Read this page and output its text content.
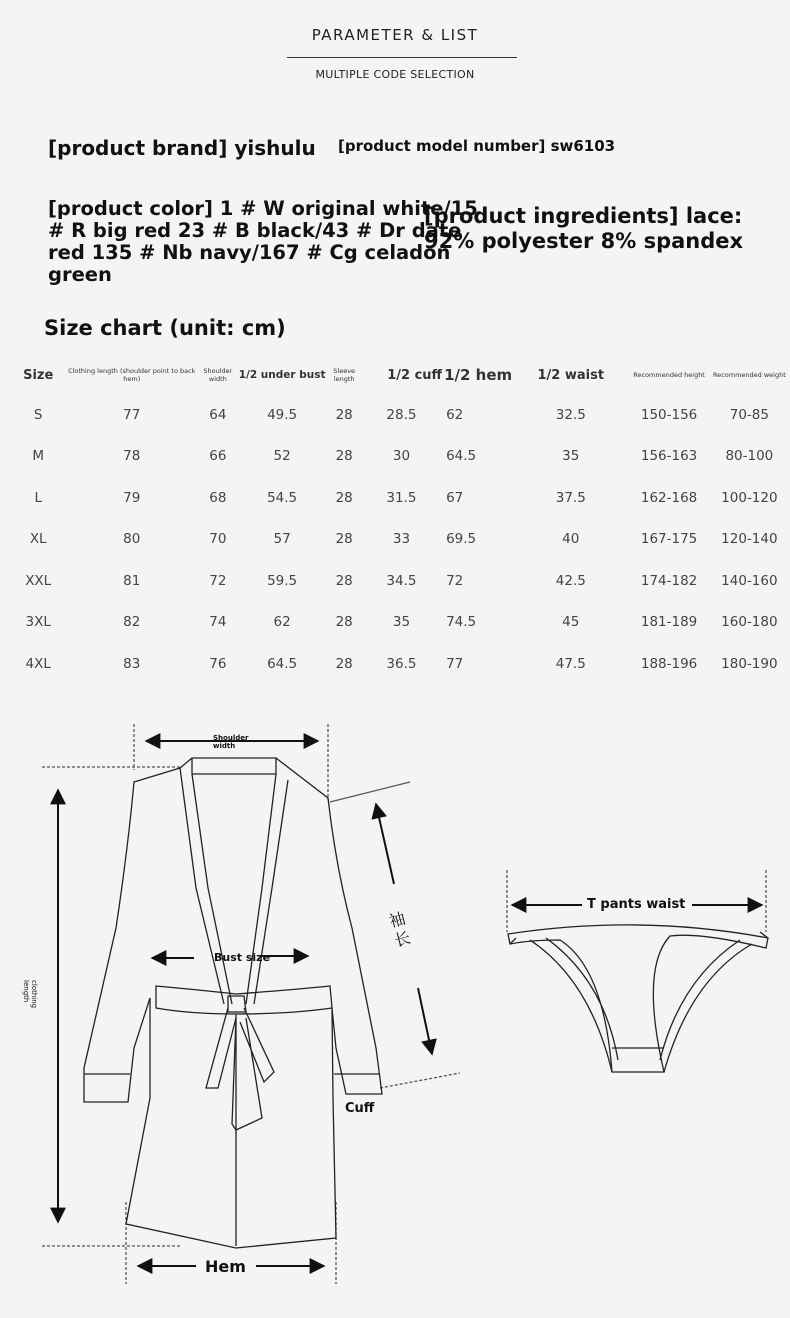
PARAMETER & LIST
MULTIPLE CODE SELECTION
[product brand] yishulu [product model number] sw6103
[product color] 1 # W original white/15
# R big red 23 # B black/43 # Dr date
red 135 # Nb navy/167 # Cg celadon
green
[product ingredients] lace:
92% polyester 8% spandex
Size chart (unit: cm)
Size	Clothing length (shoulder point to back hem)	Shoulder width	1/2 under bust	Sleeve length	1/2 cuff	1/2 hem	1/2 waist	Recommended height	Recommended weight
S	77	64	49.5	28	28.5	62	32.5	150-156	70-85
M	78	66	52	28	30	64.5	35	156-163	80-100
L	79	68	54.5	28	31.5	67	37.5	162-168	100-120
XL	80	70	57	28	33	69.5	40	167-175	120-140
XXL	81	72	59.5	28	34.5	72	42.5	174-182	140-160
3XL	82	74	62	28	35	74.5	45	181-189	160-180
4XL	83	76	64.5	28	36.5	77	47.5	188-196	180-190
Shoulder width
clothing length
Bust size
袖长
Cuff
Hem
T pants waist
